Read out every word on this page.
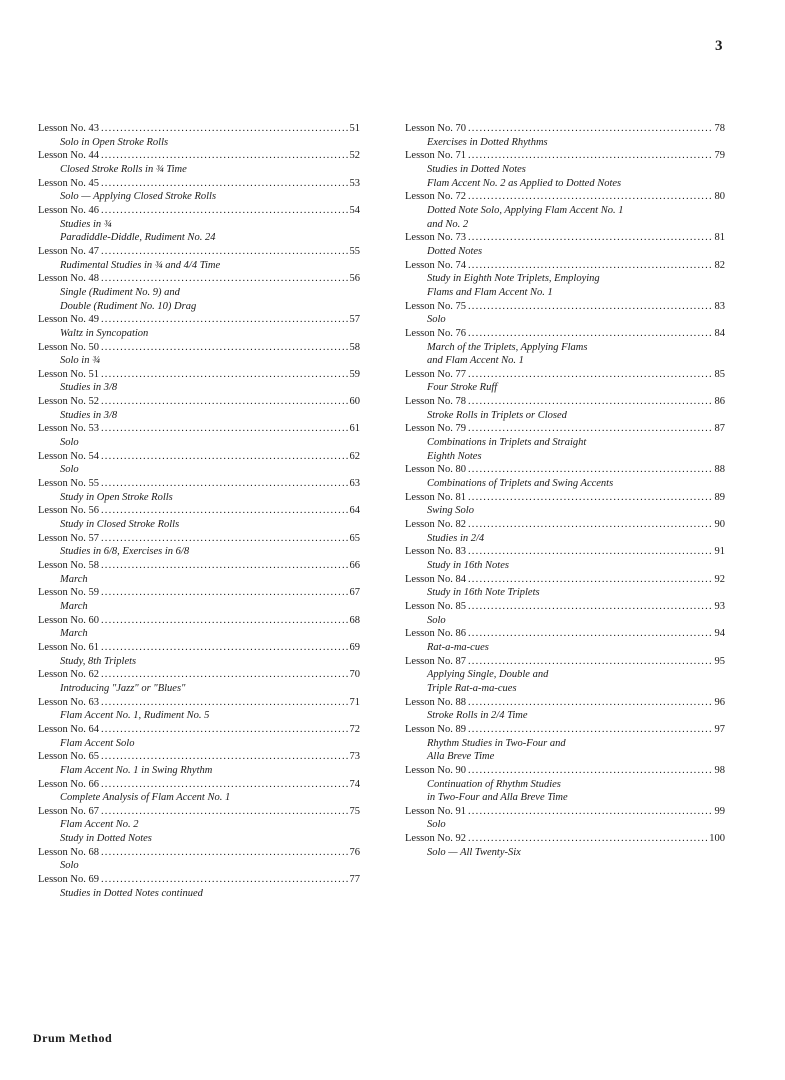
3
Lesson No. 43 .....	51
Solo in Open Stroke Rolls
Lesson No. 44 .....	52
Closed Stroke Rolls in ¾ Time
Lesson No. 45 .....	53
Solo — Applying Closed Stroke Rolls
Lesson No. 46 .....	54
Studies in ¾
Paradiddle-Diddle, Rudiment No. 24
Lesson No. 47 .....	55
Rudimental Studies in ¾ and 4/4 Time
Lesson No. 48 .....	56
Single (Rudiment No. 9) and
Double (Rudiment No. 10) Drag
Lesson No. 49 .....	57
Waltz in Syncopation
Lesson No. 50 .....	58
Solo in ¾
Lesson No. 51 .....	59
Studies in 3/8
Lesson No. 52 .....	60
Studies in 3/8
Lesson No. 53 .....	61
Solo
Lesson No. 54 .....	62
Solo
Lesson No. 55 .....	63
Study in Open Stroke Rolls
Lesson No. 56 .....	64
Study in Closed Stroke Rolls
Lesson No. 57 .....	65
Studies in 6/8, Exercises in 6/8
Lesson No. 58 .....	66
March
Lesson No. 59 .....	67
March
Lesson No. 60 .....	68
March
Lesson No. 61 .....	69
Study, 8th Triplets
Lesson No. 62 .....	70
Introducing "Jazz" or "Blues"
Lesson No. 63 .....	71
Flam Accent No. 1, Rudiment No. 5
Lesson No. 64 .....	72
Flam Accent Solo
Lesson No. 65 .....	73
Flam Accent No. 1 in Swing Rhythm
Lesson No. 66 .....	74
Complete Analysis of Flam Accent No. 1
Lesson No. 67 .....	75
Flam Accent No. 2
Study in Dotted Notes
Lesson No. 68 .....	76
Solo
Lesson No. 69 .....	77
Studies in Dotted Notes continued
Lesson No. 70 .....	78
Exercises in Dotted Rhythms
Lesson No. 71 .....	79
Studies in Dotted Notes
Flam Accent No. 2 as Applied to Dotted Notes
Lesson No. 72 .....	80
Dotted Note Solo, Applying Flam Accent No. 1
and No. 2
Lesson No. 73 .....	81
Dotted Notes
Lesson No. 74 .....	82
Study in Eighth Note Triplets, Employing
Flams and Flam Accent No. 1
Lesson No. 75 .....	83
Solo
Lesson No. 76 .....	84
March of the Triplets, Applying Flams
and Flam Accent No. 1
Lesson No. 77 .....	85
Four Stroke Ruff
Lesson No. 78 .....	86
Stroke Rolls in Triplets or Closed
Lesson No. 79 .....	87
Combinations in Triplets and Straight
Eighth Notes
Lesson No. 80 .....	88
Combinations of Triplets and Swing Accents
Lesson No. 81 .....	89
Swing Solo
Lesson No. 82 .....	90
Studies in 2/4
Lesson No. 83 .....	91
Study in 16th Notes
Lesson No. 84 .....	92
Study in 16th Note Triplets
Lesson No. 85 .....	93
Solo
Lesson No. 86 .....	94
Rat-a-ma-cues
Lesson No. 87 .....	95
Applying Single, Double and
Triple Rat-a-ma-cues
Lesson No. 88 .....	96
Stroke Rolls in 2/4 Time
Lesson No. 89 .....	97
Rhythm Studies in Two-Four and
Alla Breve Time
Lesson No. 90 .....	98
Continuation of Rhythm Studies
in Two-Four and Alla Breve Time
Lesson No. 91 .....	99
Solo
Lesson No. 92 .....	100
Solo — All Twenty-Six
Drum Method
